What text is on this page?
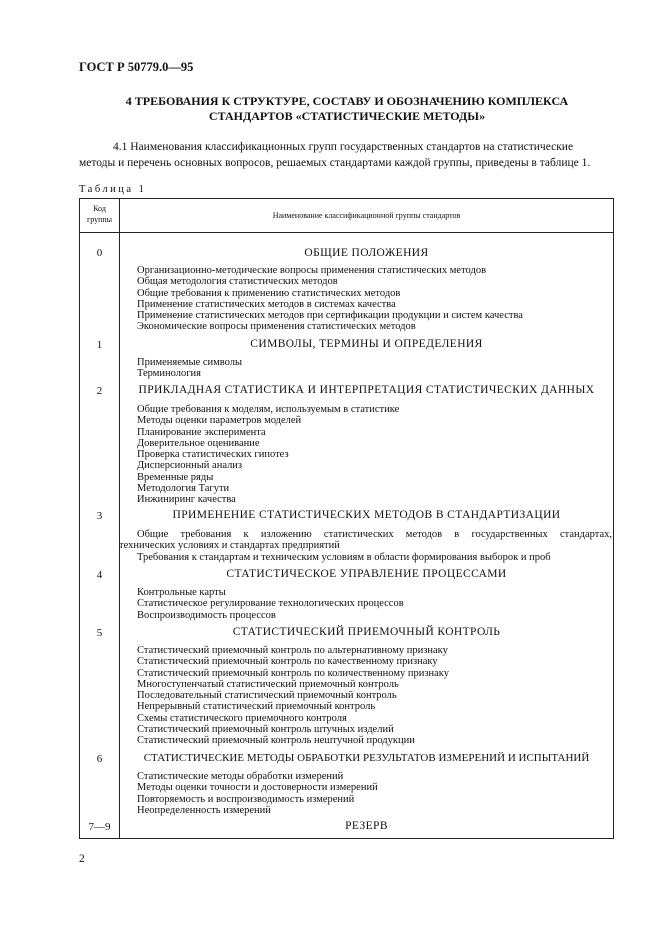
ГОСТ Р 50779.0—95
4 ТРЕБОВАНИЯ К СТРУКТУРЕ, СОСТАВУ И ОБОЗНАЧЕНИЮ КОМПЛЕКСА
СТАНДАРТОВ «СТАТИСТИЧЕСКИЕ МЕТОДЫ»
4.1 Наименования классификационных групп государственных стандартов на статистические
методы и перечень основных вопросов, решаемых стандартами каждой группы, приведены в таблице 1.
Таблица 1
Код
группы	Наименование классификационной группы стандартов
0	ОБЩИЕ ПОЛОЖЕНИЯ
Организационно-методические вопросы применения статистических методов
Общая методология статистических методов
Общие требования к применению статистических методов
Применение статистических методов в системах качества
Применение статистических методов при сертификации продукции и систем качества
Экономические вопросы применения статистических методов
1	СИМВОЛЫ, ТЕРМИНЫ И ОПРЕДЕЛЕНИЯ
Применяемые символы
Терминология
2	ПРИКЛАДНАЯ СТАТИСТИКА И ИНТЕРПРЕТАЦИЯ СТАТИСТИЧЕСКИХ ДАННЫХ
Общие требования к моделям, используемым в статистике
Методы оценки параметров моделей
Планирование эксперимента
Доверительное оценивание
Проверка статистических гипотез
Дисперсионный анализ
Временные ряды
Методология Тагути
Инжиниринг качества
3	ПРИМЕНЕНИЕ СТАТИСТИЧЕСКИХ МЕТОДОВ В СТАНДАРТИЗАЦИИ
Общие требования к изложению статистических методов в государственных стандартах,
технических условиях и стандартах предприятий
Требования к стандартам и техническим условиям в области формирования выборок и проб
4	СТАТИСТИЧЕСКОЕ УПРАВЛЕНИЕ ПРОЦЕССАМИ
Контрольные карты
Статистическое регулирование технологических процессов
Воспроизводимость процессов
5	СТАТИСТИЧЕСКИЙ ПРИЕМОЧНЫЙ КОНТРОЛЬ
Статистический приемочный контроль по альтернативному признаку
Статистический приемочный контроль по качественному признаку
Статистический приемочный контроль по количественному признаку
Многоступенчатый статистический приемочный контроль
Последовательный статистический приемочный контроль
Непрерывный статистический приемочный контроль
Схемы статистического приемочного контроля
Статистический приемочный контроль штучных изделий
Статистический приемочный контроль нештучной продукции
6	СТАТИСТИЧЕСКИЕ МЕТОДЫ ОБРАБОТКИ РЕЗУЛЬТАТОВ ИЗМЕРЕНИЙ И ИСПЫТАНИЙ
Статистические методы обработки измерений
Методы оценки точности и достоверности измерений
Повторяемость и воспроизводимость измерений
Неопределенность измерений
7—9	РЕЗЕРВ
2
